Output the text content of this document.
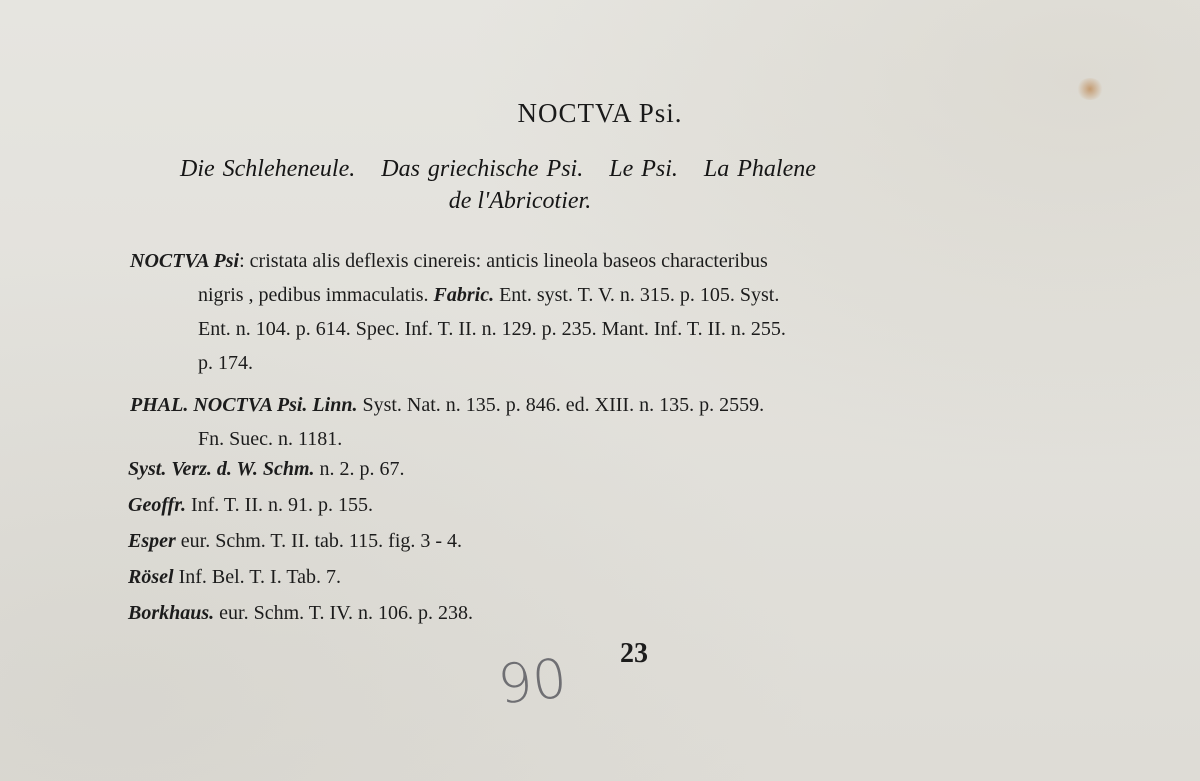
NOCTVA Psi.
Die Schleheneule. Das griechische Psi. Le Psi. La Phalene
de l'Abricotier.
NOCTVA Psi: cristata alis deflexis cinereis: anticis lineola baseos characteribus
nigris , pedibus immaculatis. Fabric. Ent. syst. T. V. n. 315. p. 105. Syst.
Ent. n. 104. p. 614. Spec. Inf. T. II. n. 129. p. 235. Mant. Inf. T. II. n. 255.
p. 174.
PHAL. NOCTVA Psi. Linn. Syst. Nat. n. 135. p. 846. ed. XIII. n. 135. p. 2559.
Fn. Suec. n. 1181.
Syst. Verz. d. W. Schm. n. 2. p. 67.
Geoffr. Inf. T. II. n. 91. p. 155.
Esper eur. Schm. T. II. tab. 115. fig. 3 - 4.
Rösel Inf. Bel. T. I. Tab. 7.
Borkhaus. eur. Schm. T. IV. n. 106. p. 238.
23
90
